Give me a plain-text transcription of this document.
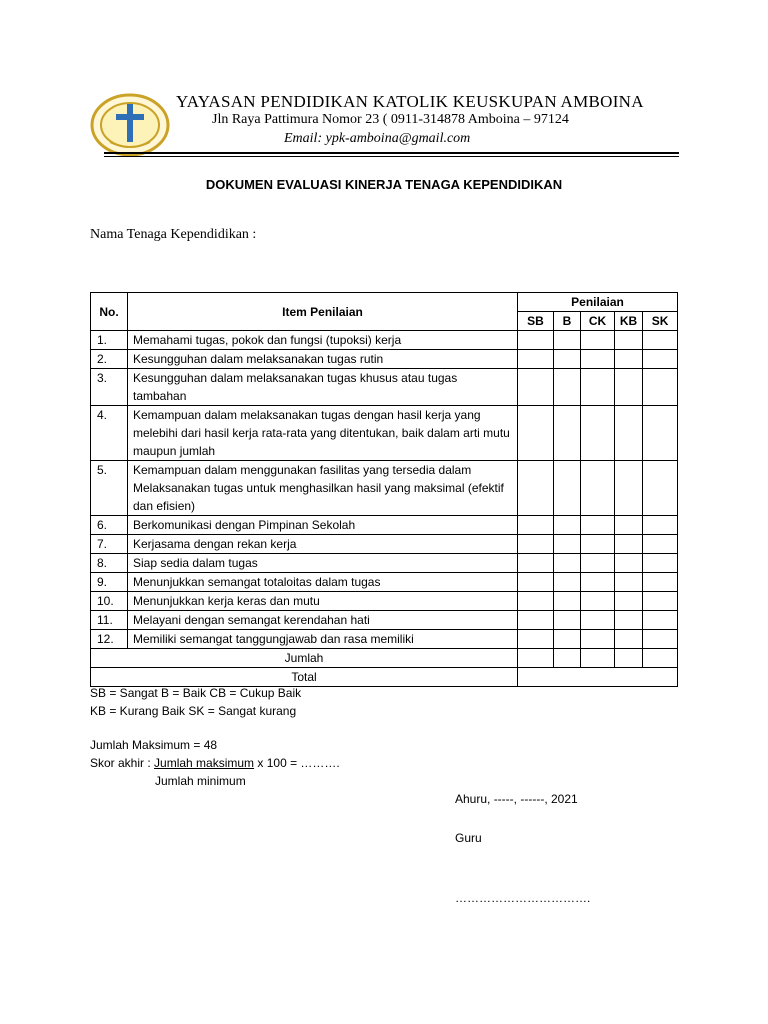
YAYASAN PENDIDIKAN KATOLIK KEUSKUPAN AMBOINA
Jln Raya Pattimura Nomor 23 ( 0911-314878 Amboina – 97124
Email: ypk-amboina@gmail.com
DOKUMEN EVALUASI KINERJA TENAGA KEPENDIDIKAN
Nama Tenaga Kependidikan :
No.	Item Penilaian	Penilaian				
		SB	B	CK	KB	SK
1.	Memahami tugas, pokok dan fungsi (tupoksi) kerja					
2.	Kesungguhan dalam melaksanakan tugas rutin					
3.	Kesungguhan dalam melaksanakan tugas khusus atau tugas tambahan					
4.	Kemampuan dalam melaksanakan tugas dengan hasil kerja yang melebihi dari hasil kerja rata-rata yang ditentukan, baik dalam arti mutu maupun jumlah					
5.	Kemampuan dalam menggunakan fasilitas yang tersedia dalam Melaksanakan tugas untuk menghasilkan hasil yang maksimal (efektif dan efisien)					
6.	Berkomunikasi dengan Pimpinan Sekolah					
7.	Kerjasama dengan rekan kerja					
8.	Siap sedia dalam tugas					
9.	Menunjukkan semangat totaloitas dalam tugas					
10.	Menunjukkan kerja keras dan mutu					
11.	Melayani dengan semangat kerendahan hati					
12.	Memiliki semangat tanggungjawab dan rasa memiliki					
Jumlah						
Total						
SB = Sangat B = Baik CB = Cukup Baik
KB = Kurang Baik SK = Sangat kurang
Jumlah Maksimum = 48
Skor akhir : Jumlah maksimum x 100 = ……….
Jumlah minimum
Ahuru, -----, ------, 2021
Guru
…………………………….
